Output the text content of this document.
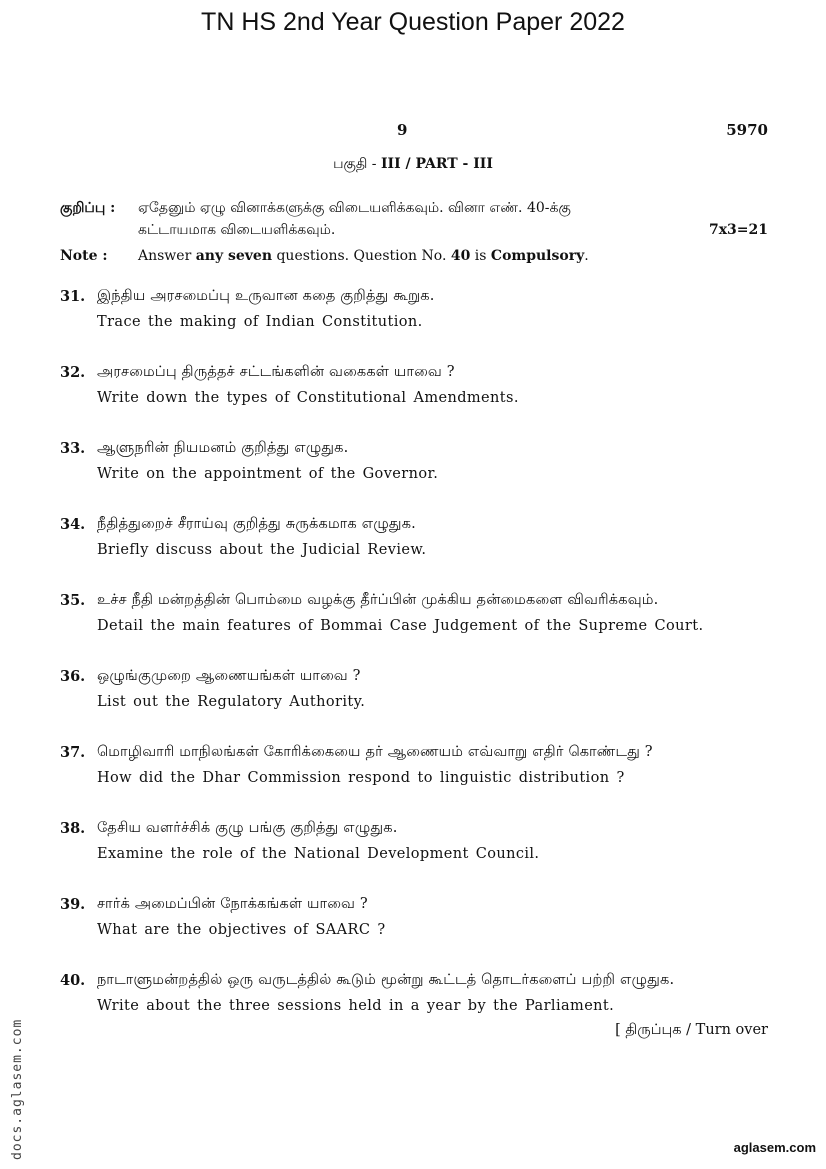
TN HS 2nd Year Question Paper 2022
9	5970
பகுதி - III / PART - III
குறிப்பு : ஏதேனும் ஏழு வினாக்களுக்கு விடையளிக்கவும். வினா எண். 40-க்கு
கட்டாயமாக விடையளிக்கவும்.	7x3=21
Note : Answer any seven questions. Question No. 40 is Compulsory.
31. இந்திய அரசமைப்பு உருவான கதை குறித்து கூறுக.
Trace the making of Indian Constitution.
32. அரசமைப்பு திருத்தச் சட்டங்களின் வகைகள் யாவை ?
Write down the types of Constitutional Amendments.
33. ஆளுநரின் நியமனம் குறித்து எழுதுக.
Write on the appointment of the Governor.
34. நீதித்துறைச் சீராய்வு குறித்து சுருக்கமாக எழுதுக.
Briefly discuss about the Judicial Review.
35. உச்ச நீதி மன்றத்தின் பொம்மை வழக்கு தீர்ப்பின் முக்கிய தன்மைகளை விவரிக்கவும்.
Detail the main features of Bommai Case Judgement of the Supreme Court.
36. ஒழுங்குமுறை ஆணையங்கள் யாவை ?
List out the Regulatory Authority.
37. மொழிவாரி மாநிலங்கள் கோரிக்கையை தர் ஆணையம் எவ்வாறு எதிர் கொண்டது ?
How did the Dhar Commission respond to linguistic distribution ?
38. தேசிய வளர்ச்சிக் குழு பங்கு குறித்து எழுதுக.
Examine the role of the National Development Council.
39. சார்க் அமைப்பின் நோக்கங்கள் யாவை ?
What are the objectives of SAARC ?
40. நாடாளுமன்றத்தில் ஒரு வருடத்தில் கூடும் மூன்று கூட்டத் தொடர்களைப் பற்றி எழுதுக.
Write about the three sessions held in a year by the Parliament.
[ திருப்புக / Turn over
docs.aglasem.com	aglasem.com
